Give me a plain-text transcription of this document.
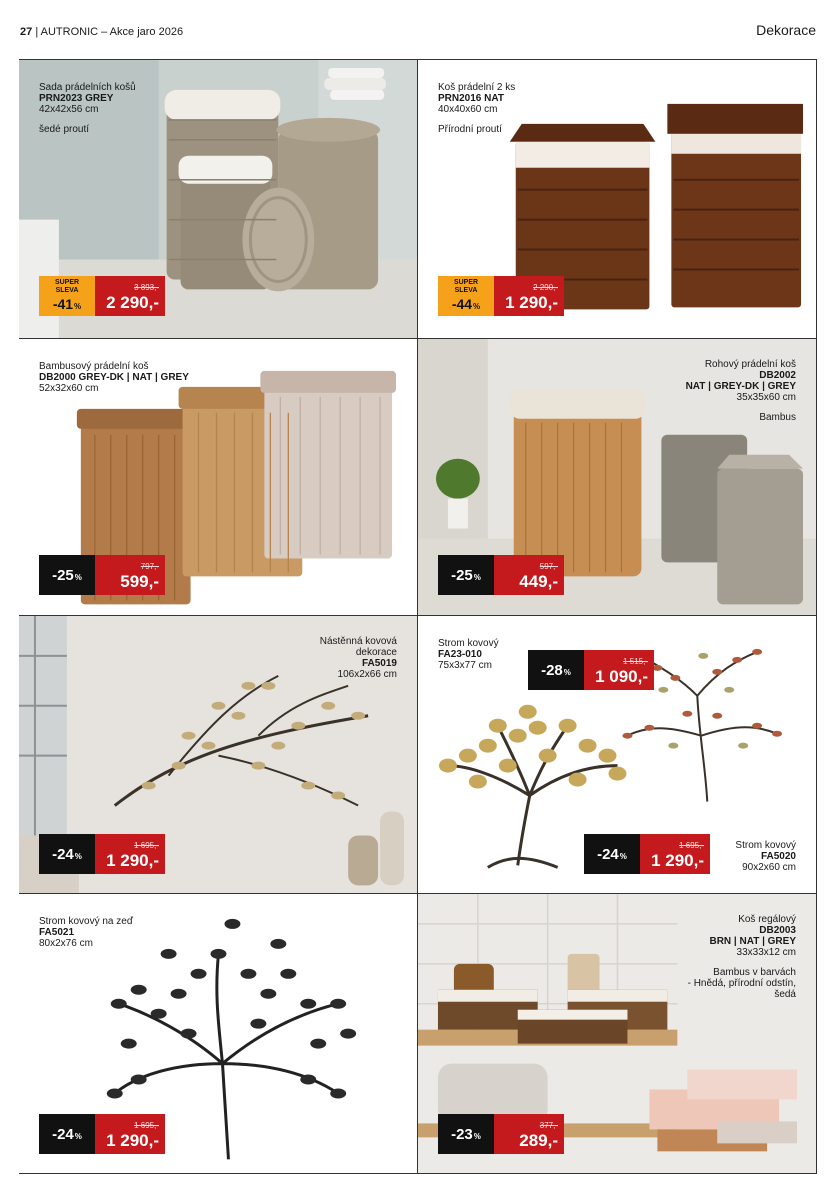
27 | AUTRONIC – Akce jaro 2026	Dekorace
Sada prádelních košů
PRN2023 GREY
42x42x56 cm
šedé proutí
SUPER
SLEVA
-41%
3 893,-
2 290,-
Koš prádelní 2 ks
PRN2016 NAT
40x40x60 cm
Přírodní proutí
SUPER
SLEVA
-44%
2 290,-
1 290,-
Bambusový prádelní koš
DB2000 GREY-DK | NAT | GREY
52x32x60 cm
-25 %
797,-
599,-
Rohový prádelní koš
DB2002
NAT | GREY-DK | GREY
35x35x60 cm
Bambus
-25 %
597,-
449,-
Nástěnná kovová
dekorace
FA5019
106x2x66 cm
-24 %
1 695,-
1 290,-
Strom kovový
FA23-010
75x3x77 cm	-28 %
1 515,-
1 090,-
Strom kovový
FA5020
90x2x60 cm
-24 %
1 695,-
1 290,-
Strom kovový na zeď
FA5021
80x2x76 cm
-24 %
1 695,-
1 290,-
Koš regálový
DB2003
BRN | NAT | GREY
33x33x12 cm
Bambus v barvách
- Hnědá, přírodní odstín,
šedá
-23 %
377,-
289,-
